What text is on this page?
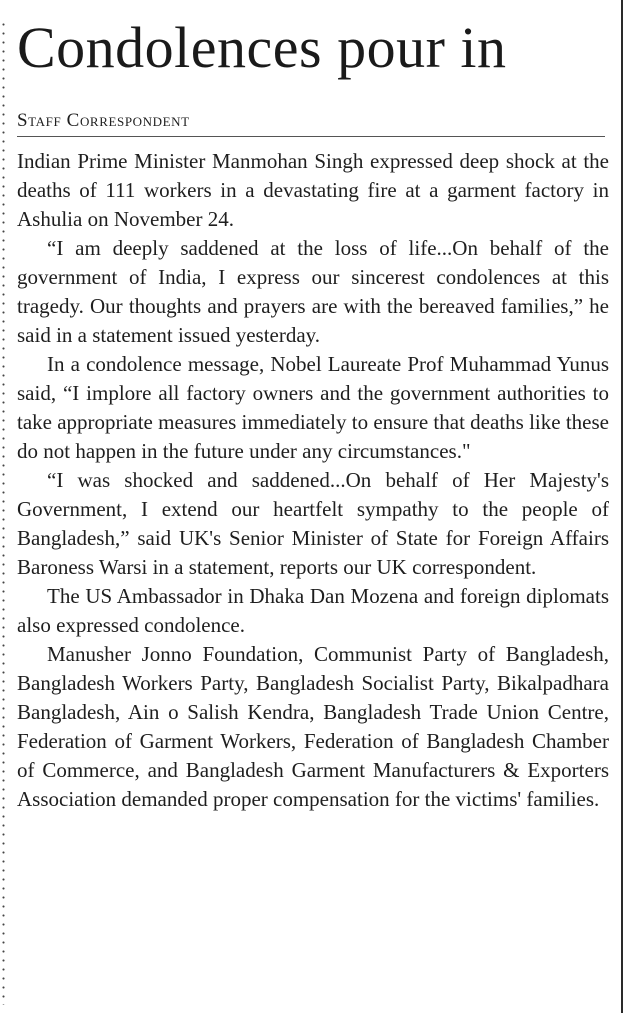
Condolences pour in
Staff Correspondent

Indian Prime Minister Manmohan Singh expressed deep shock at the deaths of 111 workers in a devastating fire at a garment factory in Ashulia on November 24.

“I am deeply saddened at the loss of life...On behalf of the government of India, I express our sincerest condolences at this tragedy. Our thoughts and prayers are with the bereaved families,” he said in a statement issued yesterday.

In a condolence message, Nobel Laureate Prof Muhammad Yunus said, “I implore all factory owners and the government authorities to take appropriate measures immediately to ensure that deaths like these do not happen in the future under any circumstances."

“I was shocked and saddened...On behalf of Her Majesty's Government, I extend our heartfelt sympathy to the people of Bangladesh,” said UK's Senior Minister of State for Foreign Affairs Baroness Warsi in a statement, reports our UK correspondent.

The US Ambassador in Dhaka Dan Mozena and foreign diplomats also expressed condolence.

Manusher Jonno Foundation, Communist Party of Bangladesh, Bangladesh Workers Party, Bangladesh Socialist Party, Bikalpadhara Bangladesh, Ain o Salish Kendra, Bangladesh Trade Union Centre, Federation of Garment Workers, Federation of Bangladesh Chamber of Commerce, and Bangladesh Garment Manufacturers & Exporters Association demanded proper compensation for the victims' families.
